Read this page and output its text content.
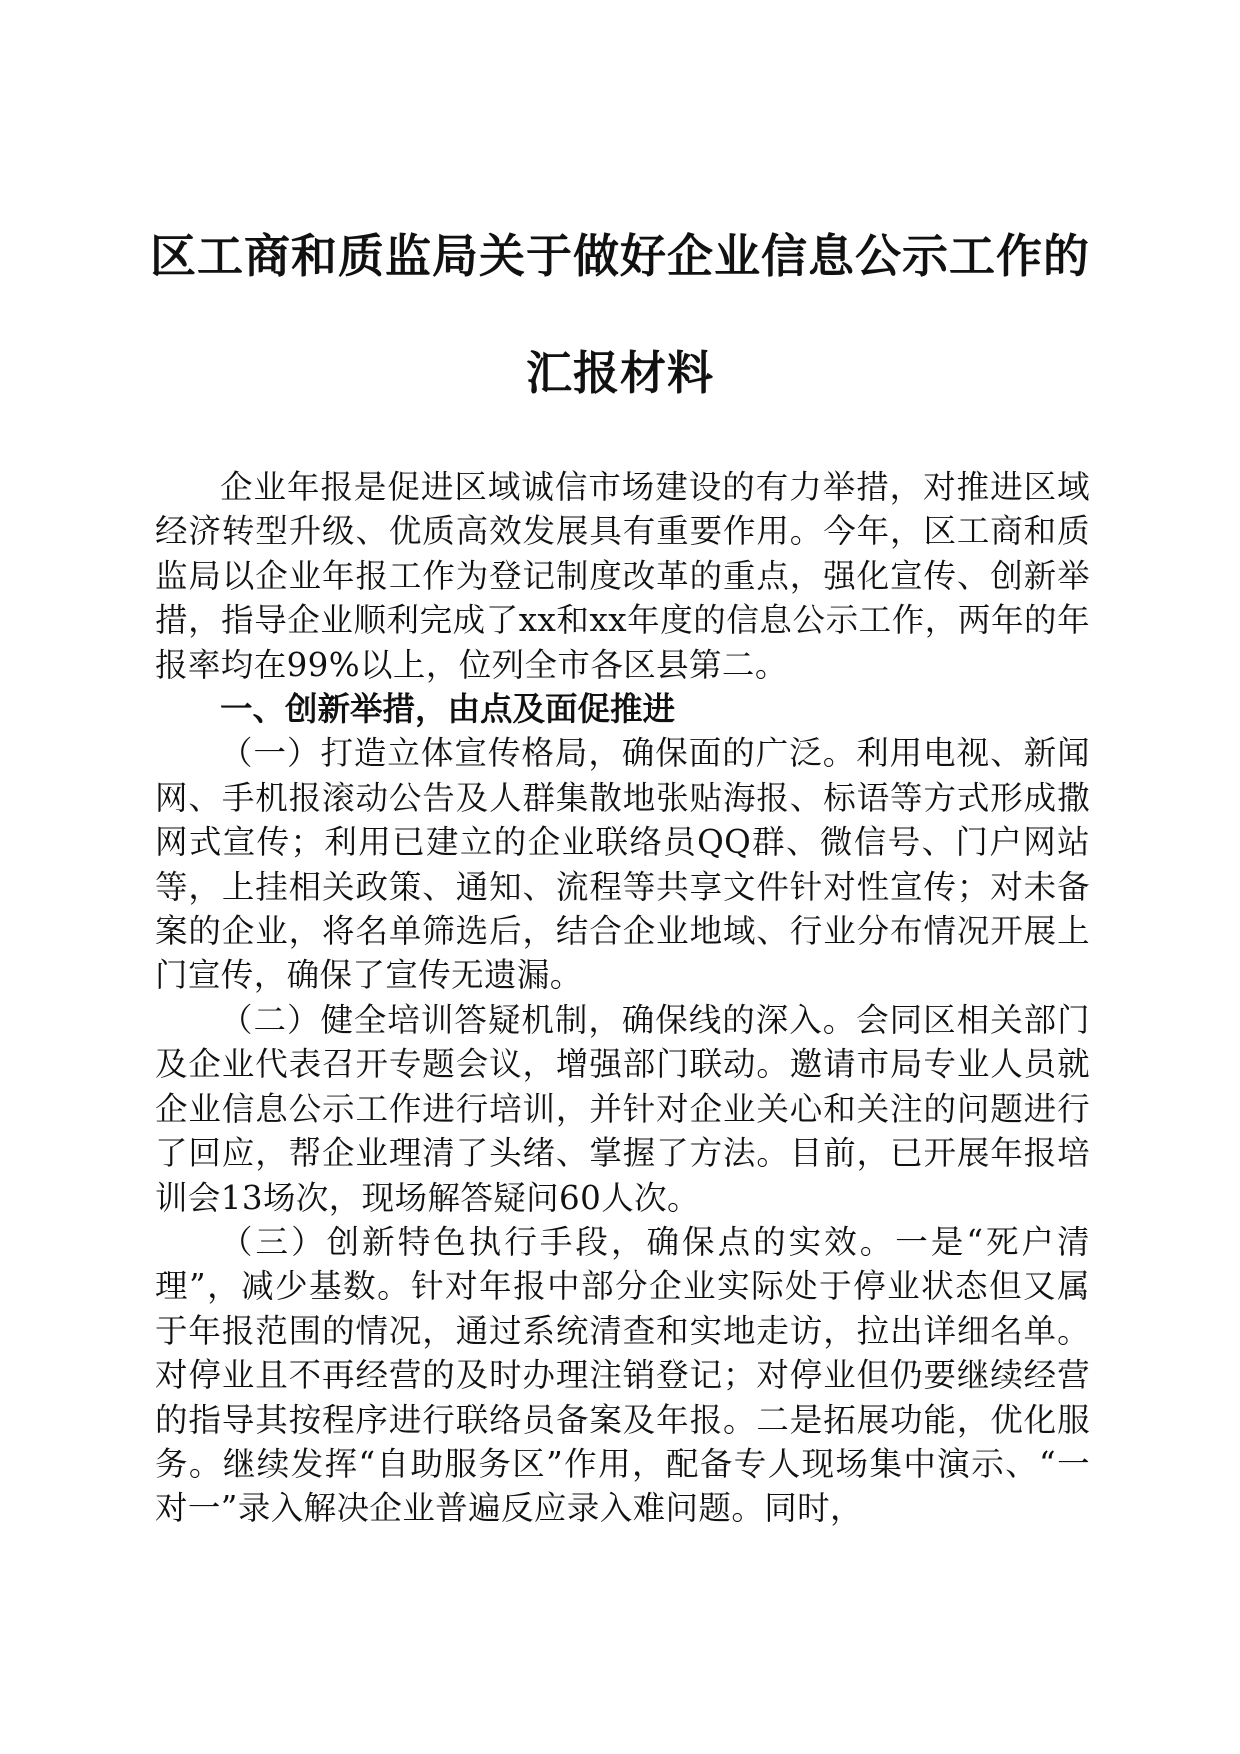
区工商和质监局关于做好企业信息公示工作的
汇报材料

企业年报是促进区域诚信市场建设的有力举措，对推进区域经济转型升级、优质高效发展具有重要作用。今年，区工商和质监局以企业年报工作为登记制度改革的重点，强化宣传、创新举措，指导企业顺利完成了xx和xx年度的信息公示工作，两年的年报率均在99%以上，位列全市各区县第二。

一、创新举措，由点及面促推进

（一）打造立体宣传格局，确保面的广泛。利用电视、新闻网、手机报滚动公告及人群集散地张贴海报、标语等方式形成撒网式宣传；利用已建立的企业联络员QQ群、微信号、门户网站等，上挂相关政策、通知、流程等共享文件针对性宣传；对未备案的企业，将名单筛选后，结合企业地域、行业分布情况开展上门宣传，确保了宣传无遗漏。

（二）健全培训答疑机制，确保线的深入。会同区相关部门及企业代表召开专题会议，增强部门联动。邀请市局专业人员就企业信息公示工作进行培训，并针对企业关心和关注的问题进行了回应，帮企业理清了头绪、掌握了方法。目前，已开展年报培训会13场次，现场解答疑问60人次。

（三）创新特色执行手段，确保点的实效。一是“死户清理”，减少基数。针对年报中部分企业实际处于停业状态但又属于年报范围的情况，通过系统清查和实地走访，拉出详细名单。对停业且不再经营的及时办理注销登记；对停业但仍要继续经营的指导其按程序进行联络员备案及年报。二是拓展功能，优化服务。继续发挥“自助服务区”作用，配备专人现场集中演示、“一对一”录入解决企业普遍反应录入难问题。同时，
